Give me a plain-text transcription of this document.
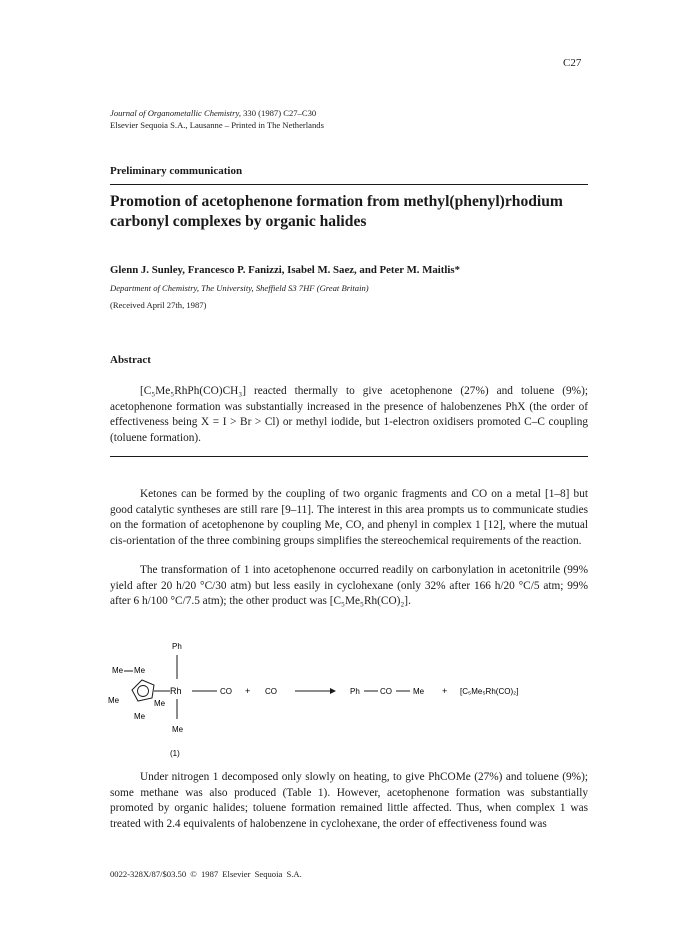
C27
Journal of Organometallic Chemistry, 330 (1987) C27–C30
Elsevier Sequoia S.A., Lausanne – Printed in The Netherlands
Preliminary communication
Promotion of acetophenone formation from methyl(phenyl)rhodium carbonyl complexes by organic halides
Glenn J. Sunley, Francesco P. Fanizzi, Isabel M. Saez, and Peter M. Maitlis*
Department of Chemistry, The University, Sheffield S3 7HF (Great Britain)
(Received April 27th, 1987)
Abstract

[C₅Me₅RhPh(CO)CH₃] reacted thermally to give acetophenone (27%) and toluene (9%); acetophenone formation was substantially increased in the presence of halobenzenes PhX (the order of effectiveness being X = I > Br > Cl) or methyl iodide, but 1-electron oxidisers promoted C–C coupling (toluene formation).

Ketones can be formed by the coupling of two organic fragments and CO on a metal [1–8] but good catalytic syntheses are still rare [9–11]. The interest in this area prompts us to communicate studies on the formation of acetophenone by coupling Me, CO, and phenyl in complex 1 [12], where the mutual cis-orientation of the three combining groups simplifies the stereochemical requirements of the reaction.

The transformation of 1 into acetophenone occurred readily on carbonylation in acetonitrile (99% yield after 20 h/20 °C/30 atm) but less easily in cyclohexane (only 32% after 166 h/20 °C/5 atm; 99% after 6 h/100 °C/7.5 atm); the other product was [C₅Me₅Rh(CO)₂].

Me Me
Me	Me
Me
Rh
Ph
Me
CO + CO	Ph	CO	Me + [C₅Me₅Rh(CO)₂]
(1)

Under nitrogen 1 decomposed only slowly on heating, to give PhCOMe (27%) and toluene (9%); some methane was also produced (Table 1). However, acetophenone formation was substantially promoted by organic halides; toluene formation remained little affected. Thus, when complex 1 was treated with 2.4 equivalents of halobenzene in cyclohexane, the order of effectiveness found was

0022-328X/87/$03.50 © 1987 Elsevier Sequoia S.A.
